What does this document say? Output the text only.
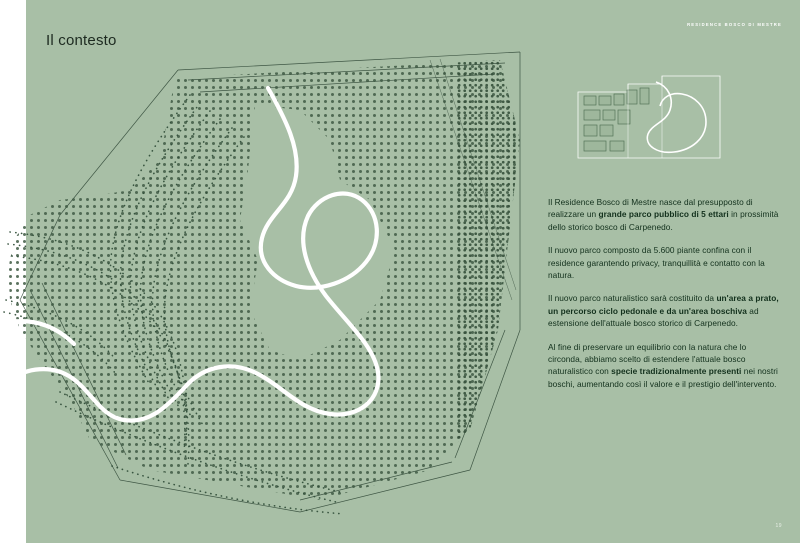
Il contesto
RESIDENCE BOSCO DI MESTRE
19

Il Residence Bosco di Mestre nasce dal presupposto di realizzare un grande parco pubblico di 5 ettari in prossimità dello storico bosco di Carpenedo.

Il nuovo parco composto da 5.600 piante confina con il residence garantendo privacy, tranquillità e contatto con la natura.

Il nuovo parco naturalistico sarà costituito da un'area a prato, un percorso ciclo pedonale e da un'area boschiva ad estensione dell'attuale bosco storico di Carpenedo.

Al fine di preservare un equilibrio con la natura che lo circonda, abbiamo scelto di estendere l'attuale bosco naturalistico con specie tradizionalmente presenti nei nostri boschi, aumentando così il valore e il prestigio dell'intervento.
